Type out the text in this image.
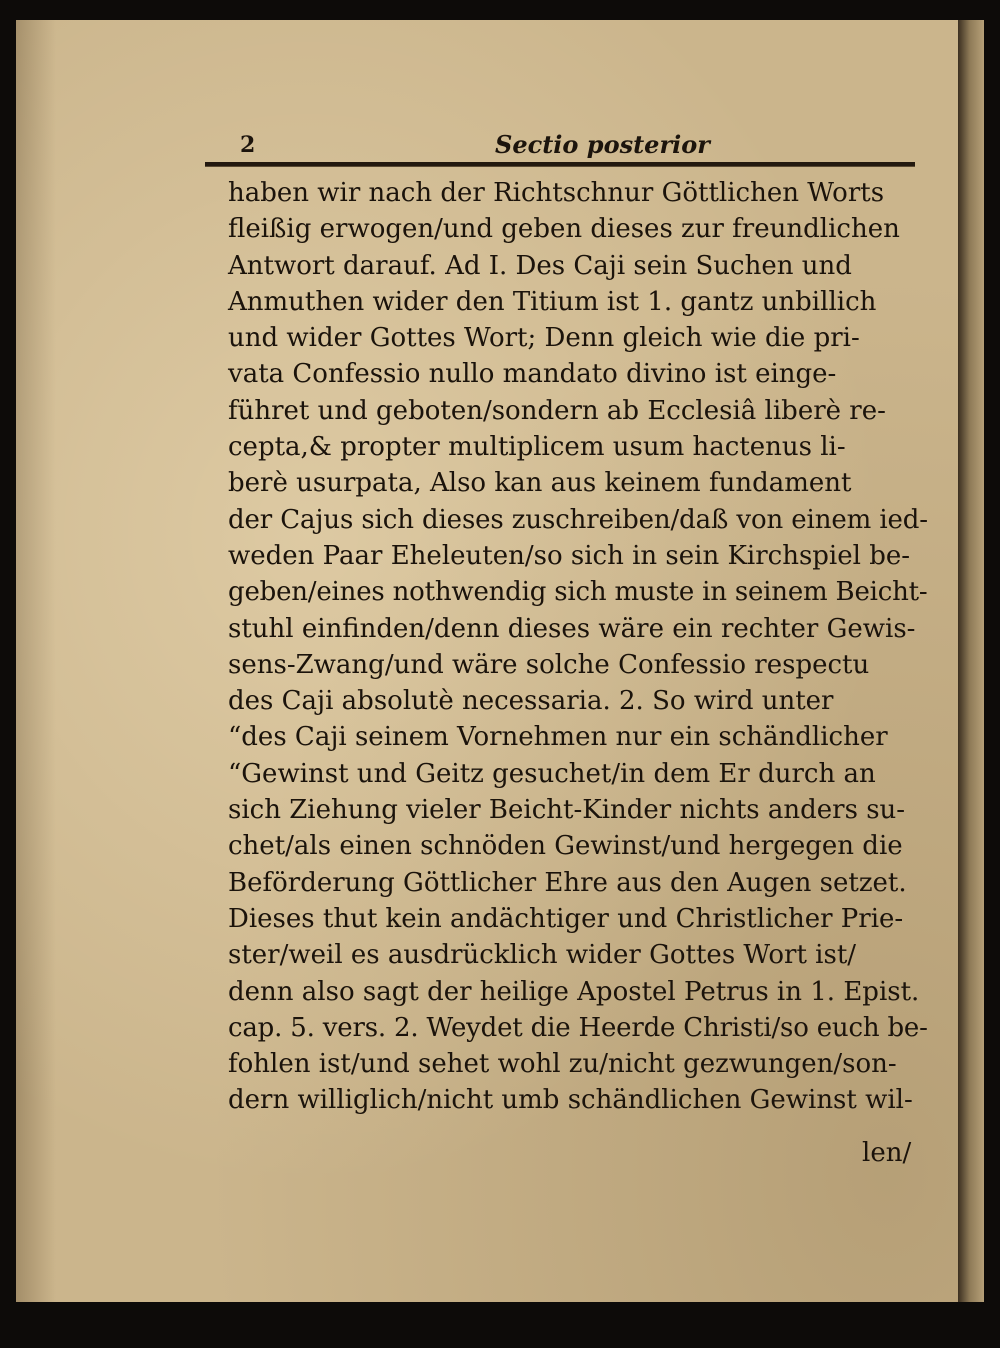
2	Sectio posterior
haben wir nach der Richtschnur Göttlichen Worts
fleißig erwogen/und geben dieses zur freundlichen
Antwort darauf. Ad I. Des Caji sein Suchen und
Anmuthen wider den Titium ist 1. gantz unbillich
und wider Gottes Wort; Denn gleich wie die pri-
vata Confessio nullo mandato divino ist einge-
führet und geboten/sondern ab Ecclesiâ liberè re-
cepta,& propter multiplicem usum hactenus li-
berè usurpata, Also kan aus keinem fundament
der Cajus sich dieses zuschreiben/daß von einem ied-
weden Paar Eheleuten/so sich in sein Kirchspiel be-
geben/eines nothwendig sich muste in seinem Beicht-
stuhl einfinden/denn dieses wäre ein rechter Gewis-
sens-Zwang/und wäre solche Confessio respectu
des Caji absolutè necessaria. 2. So wird unter
“des Caji seinem Vornehmen nur ein schändlicher
“Gewinst und Geitz gesuchet/in dem Er durch an
sich Ziehung vieler Beicht-Kinder nichts anders su-
chet/als einen schnöden Gewinst/und hergegen die
Beförderung Göttlicher Ehre aus den Augen setzet.
Dieses thut kein andächtiger und Christlicher Prie-
ster/weil es ausdrücklich wider Gottes Wort ist/
denn also sagt der heilige Apostel Petrus in 1. Epist.
cap. 5. vers. 2. Weydet die Heerde Christi/so euch be-
fohlen ist/und sehet wohl zu/nicht gezwungen/son-
dern williglich/nicht umb schändlichen Gewinst wil-
len/
